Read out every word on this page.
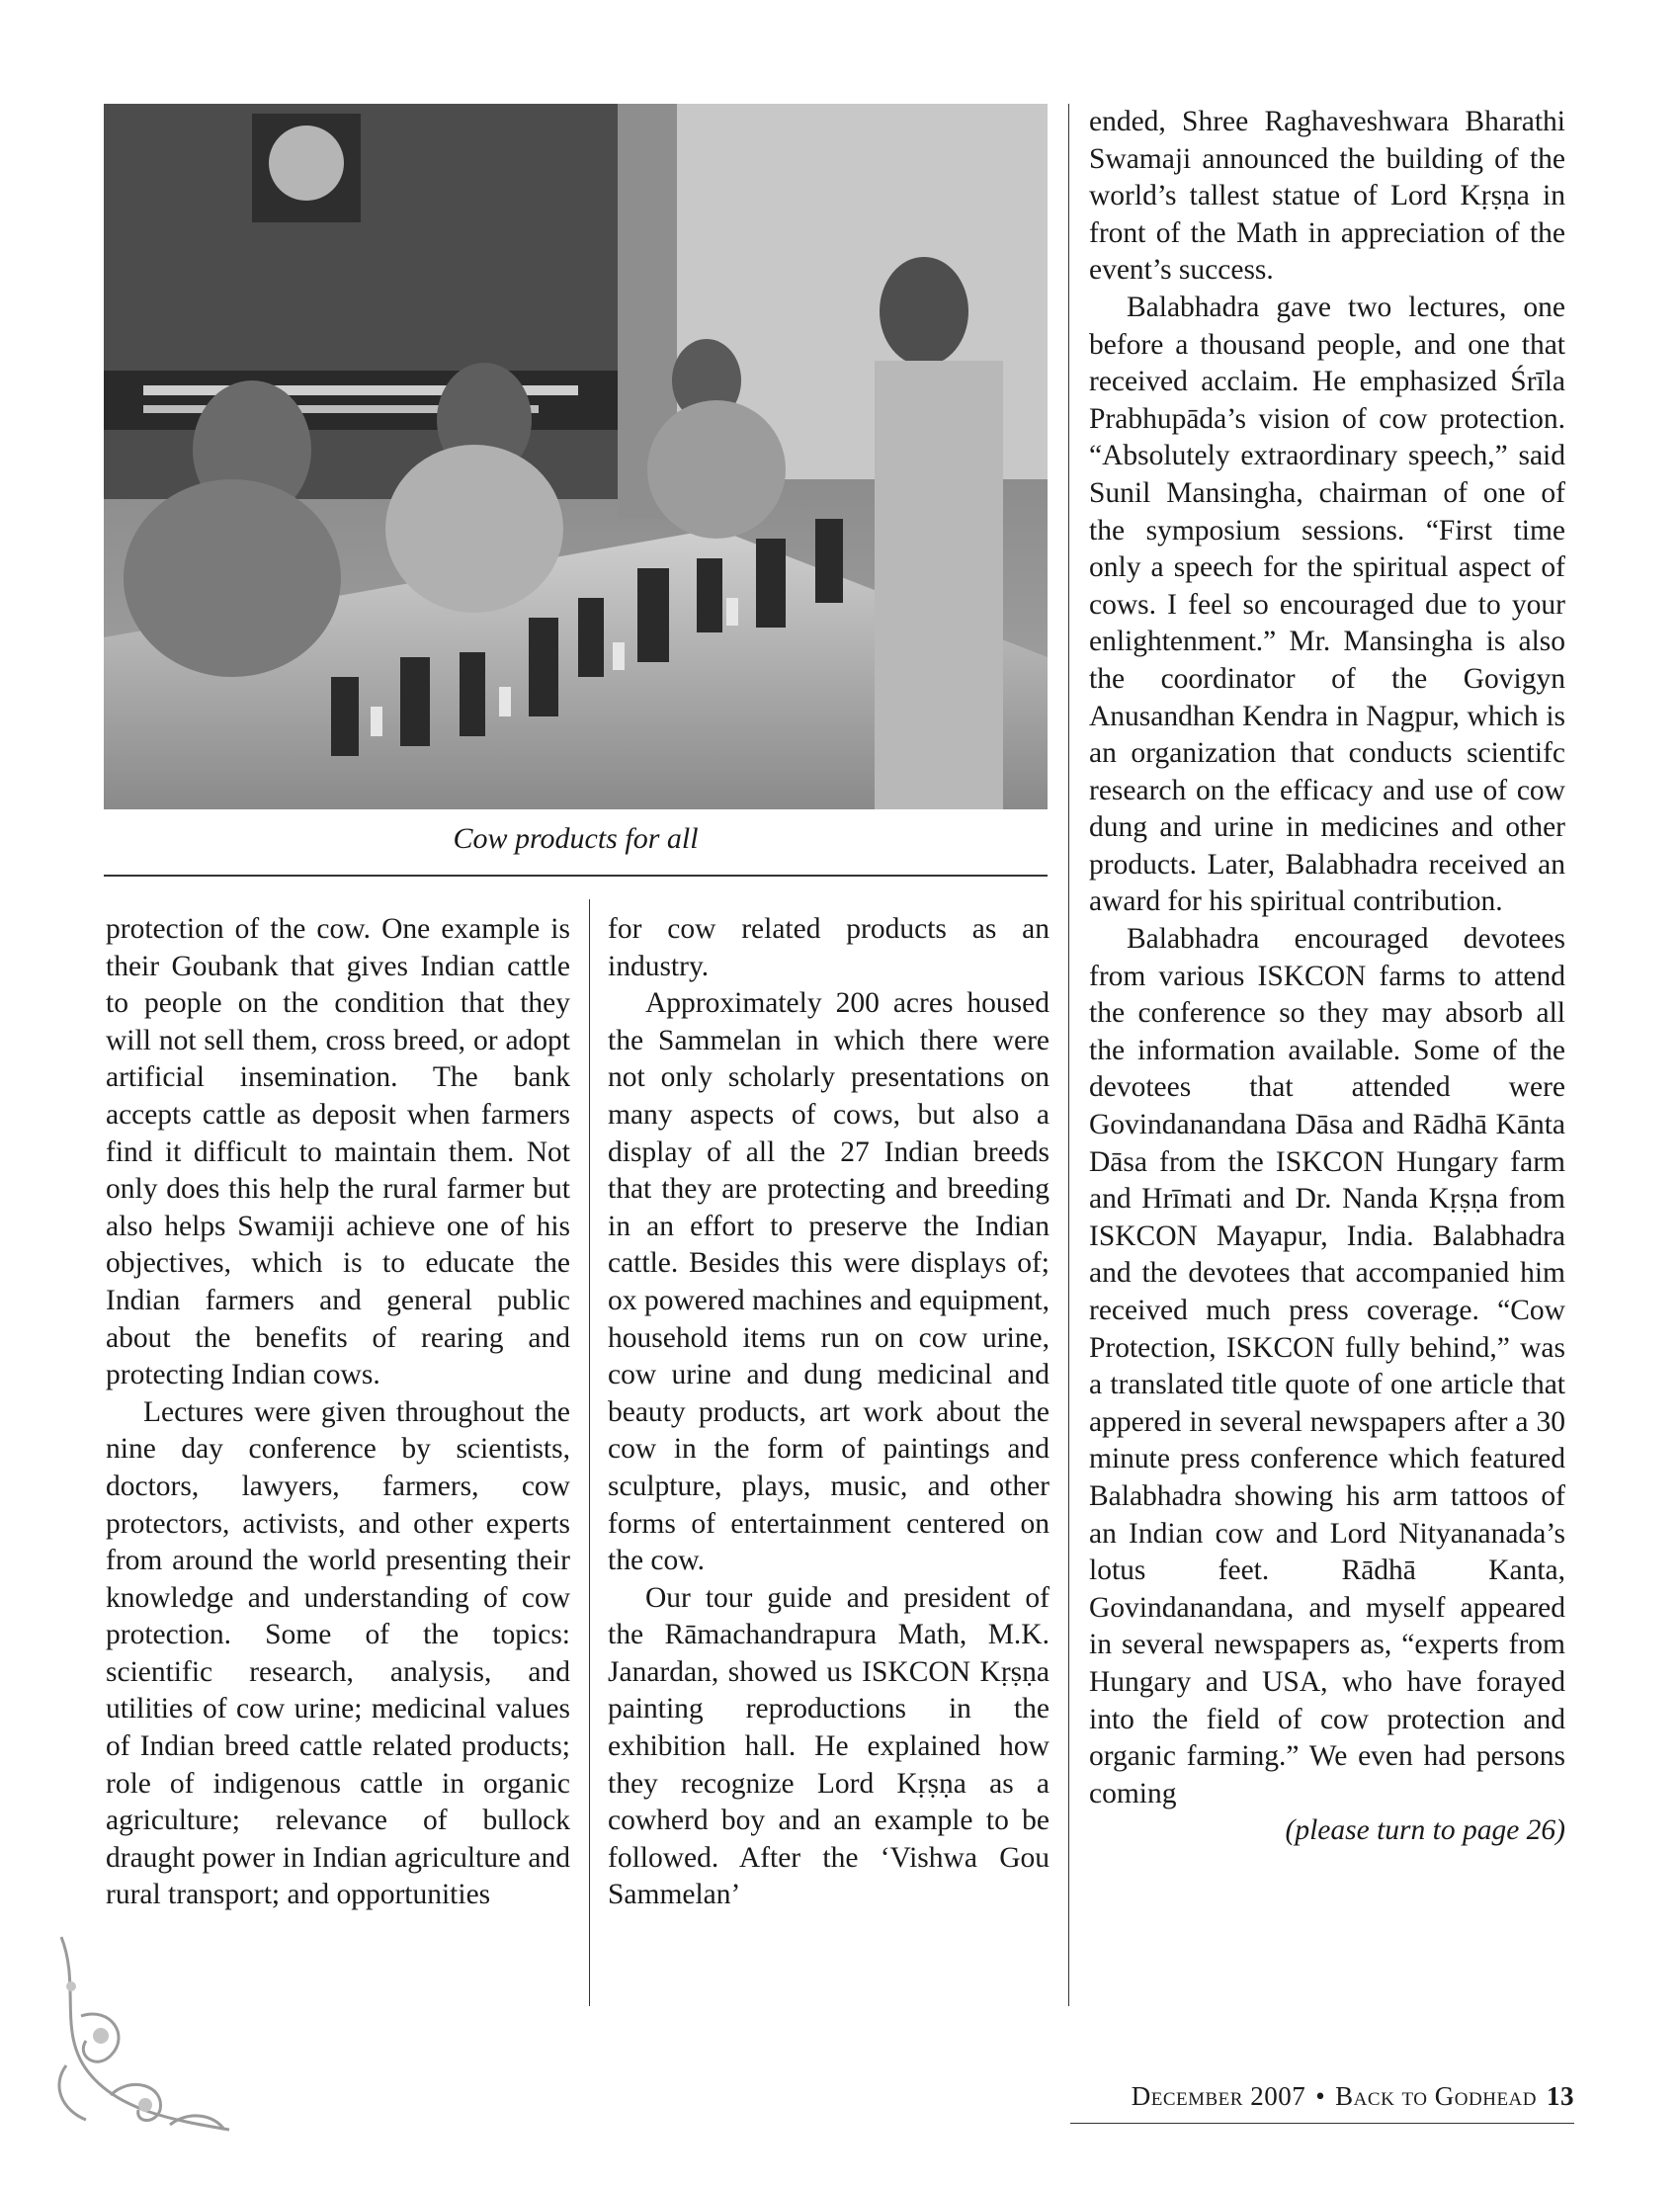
Cow products for all

protection of the cow. One example is their Goubank that gives Indian cattle to people on the condition that they will not sell them, cross breed, or adopt artificial insemination. The bank accepts cattle as deposit when farmers find it difficult to maintain them. Not only does this help the rural farmer but also helps Swamiji achieve one of his objectives, which is to educate the Indian farmers and general public about the benefits of rearing and protecting Indian cows.

Lectures were given throughout the nine day conference by scientists, doctors, lawyers, farmers, cow protectors, activists, and other experts from around the world presenting their knowledge and understanding of cow protection. Some of the topics: scientific research, analysis, and utilities of cow urine; medicinal values of Indian breed cattle related products; role of indigenous cattle in organic agriculture; relevance of bullock draught power in Indian agriculture and rural transport; and opportunities

for cow related products as an industry.

Approximately 200 acres housed the Sammelan in which there were not only scholarly presentations on many aspects of cows, but also a display of all the 27 Indian breeds that they are protecting and breeding in an effort to preserve the Indian cattle. Besides this were displays of; ox powered machines and equipment, household items run on cow urine, cow urine and dung medicinal and beauty products, art work about the cow in the form of paintings and sculpture, plays, music, and other forms of entertainment centered on the cow.

Our tour guide and president of the Rāmachandrapura Math, M.K. Janardan, showed us ISKCON Kṛṣṇa painting reproductions in the exhibition hall. He explained how they recognize Lord Kṛṣṇa as a cowherd boy and an example to be followed. After the ‘Vishwa Gou Sammelan’

ended, Shree Raghaveshwara Bharathi Swamaji announced the building of the world’s tallest statue of Lord Kṛṣṇa in front of the Math in appreciation of the event’s success.

Balabhadra gave two lectures, one before a thousand people, and one that received acclaim. He emphasized Śrīla Prabhupāda’s vision of cow protection. “Absolutely extraordinary speech,” said Sunil Mansingha, chairman of one of the symposium sessions. “First time only a speech for the spiritual aspect of cows. I feel so encouraged due to your enlightenment.” Mr. Mansingha is also the coordinator of the Govigyn Anusandhan Kendra in Nagpur, which is an organization that conducts scientifc research on the efficacy and use of cow dung and urine in medicines and other products. Later, Balabhadra received an award for his spiritual contribution.

Balabhadra encouraged devotees from various ISKCON farms to attend the conference so they may absorb all the information available. Some of the devotees that attended were Govindanandana Dāsa and Rādhā Kānta Dāsa from the ISKCON Hungary farm and Hrīmati and Dr. Nanda Kṛṣṇa from ISKCON Mayapur, India. Balabhadra and the devotees that accompanied him received much press coverage. “Cow Protection, ISKCON fully behind,” was a translated title quote of one article that appered in several newspapers after a 30 minute press conference which featured Balabhadra showing his arm tattoos of an Indian cow and Lord Nityananada’s lotus feet. Rādhā Kanta, Govindanandana, and myself appeared in several newspapers as, “experts from Hungary and USA, who have forayed into the field of cow protection and organic farming.” We even had persons coming

(please turn to page 26)
December 2007 • Back to Godhead 13
